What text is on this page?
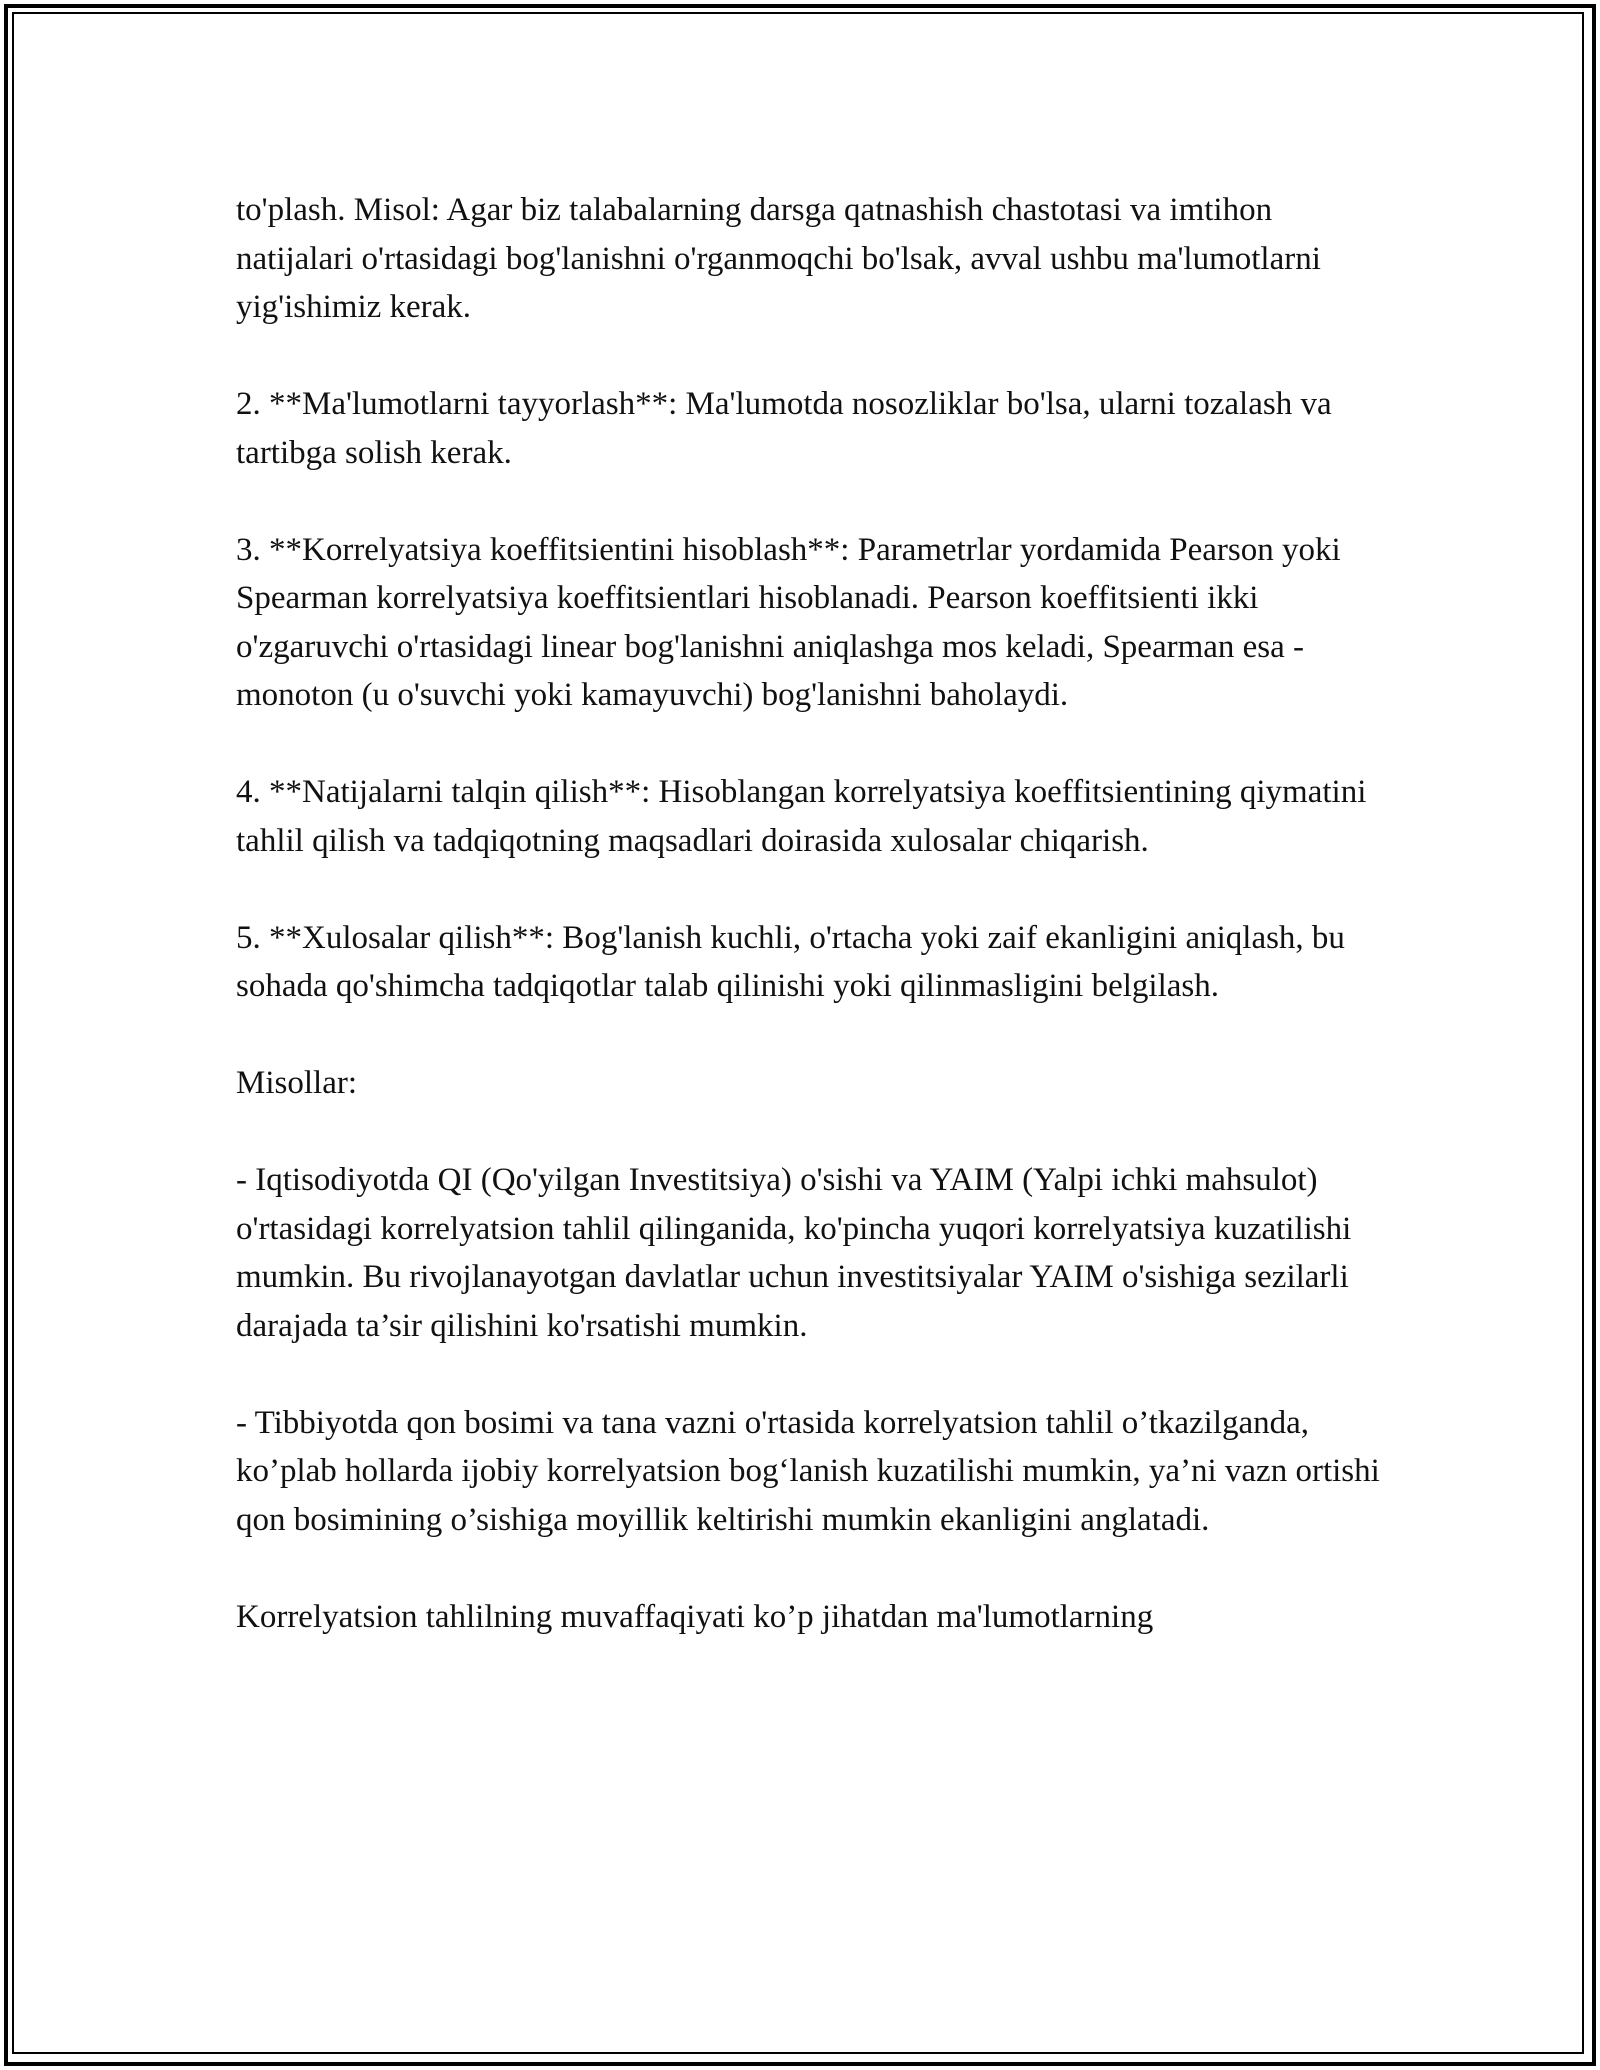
to'plash. Misol: Agar biz talabalarning darsga qatnashish chastotasi va imtihon natijalari o'rtasidagi bog'lanishni o'rganmoqchi bo'lsak, avval ushbu ma'lumotlarni yig'ishimiz kerak.

2. **Ma'lumotlarni tayyorlash**: Ma'lumotda nosozliklar bo'lsa, ularni tozalash va tartibga solish kerak.

3. **Korrelyatsiya koeffitsientini hisoblash**: Parametrlar yordamida Pearson yoki Spearman korrelyatsiya koeffitsientlari hisoblanadi. Pearson koeffitsienti ikki o'zgaruvchi o'rtasidagi linear bog'lanishni aniqlashga mos keladi, Spearman esa - monoton (u o'suvchi yoki kamayuvchi) bog'lanishni baholaydi.

4. **Natijalarni talqin qilish**: Hisoblangan korrelyatsiya koeffitsientining qiymatini tahlil qilish va tadqiqotning maqsadlari doirasida xulosalar chiqarish.

5. **Xulosalar qilish**: Bog'lanish kuchli, o'rtacha yoki zaif ekanligini aniqlash, bu sohada qo'shimcha tadqiqotlar talab qilinishi yoki qilinmasligini belgilash.

Misollar:

- Iqtisodiyotda QI (Qo'yilgan Investitsiya) o'sishi va YAIM (Yalpi ichki mahsulot) o'rtasidagi korrelyatsion tahlil qilinganida, ko'pincha yuqori korrelyatsiya kuzatilishi mumkin. Bu rivojlanayotgan davlatlar uchun investitsiyalar YAIM o'sishiga sezilarli darajada ta’sir qilishini ko'rsatishi mumkin.

- Tibbiyotda qon bosimi va tana vazni o'rtasida korrelyatsion tahlil o’tkazilganda, ko’plab hollarda ijobiy korrelyatsion bog‘lanish kuzatilishi mumkin, ya’ni vazn ortishi qon bosimining o’sishiga moyillik keltirishi mumkin ekanligini anglatadi.

Korrelyatsion tahlilning muvaffaqiyati ko’p jihatdan ma'lumotlarning
